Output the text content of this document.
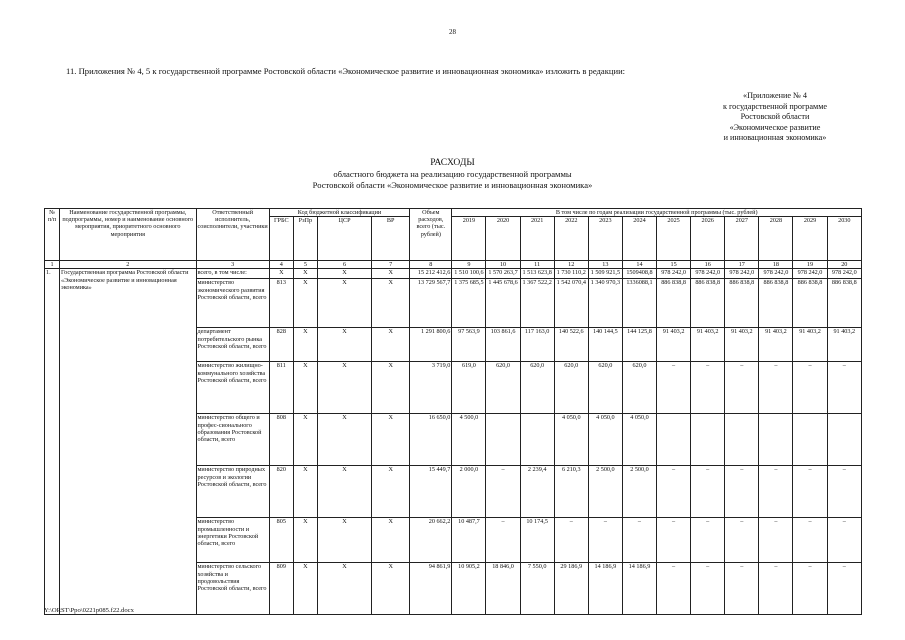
28
11. Приложения № 4, 5 к государственной программе Ростовской области «Экономическое развитие и инновационная экономика» изложить в редакции:
«Приложение № 4
к государственной программе
Ростовской области
«Экономическое развитие
и инновационная экономика»
РАСХОДЫ
областного бюджета на реализацию государственной программы
Ростовской области «Экономическое развитие и инновационная экономика»
№ п/п	Наименование государственной программы, подпрограммы, номер и наименование основного мероприятия, приоритетного основного мероприятия	Ответственный исполнитель, соисполнители, участники	Код бюджетной классификации				Объем расходов, всего (тыс. рублей)	В том числе по годам реализации государственной программы (тыс. рублей)											
			ГРБС	РзПр	ЦСР	ВР		2019	2020	2021	2022	2023	2024	2025	2026	2027	2028	2029	2030
1	2	3	4	5	6	7	8	9	10	11	12	13	14	15	16	17	18	19	20
1.	Государственная программа Ростовской области «Экономическое развитие и инновационная экономика»	всего, в том числе:	X	X	X	X	15 212 412,6	1 510 100,6	1 570 263,7	1 513 623,8	1 730 110,2	1 509 921,5	1509408,8	978 242,0	978 242,0	978 242,0	978 242,0	978 242,0	978 242,0
		министерство экономического развития Ростовской области, всего	813	X	X	X	13 729 567,7	1 375 685,5	1 445 678,6	1 367 522,2	1 542 070,4	1 340 970,3	1336088,1	886 838,8	886 838,8	886 838,8	886 838,8	886 838,8	886 838,8
		департамент потребительского рынка Ростовской области, всего	828	X	X	X	1 291 800,6	97 563,9	103 861,6	117 163,0	140 522,6	140 144,5	144 125,8	91 403,2	91 403,2	91 403,2	91 403,2	91 403,2	91 403,2
		министерство жилищно-коммунального хозяйства Ростовской области, всего	811	X	X	X	3 719,0	619,0	620,0	620,0	620,0	620,0	620,0	–	–	–	–	–	–
		министерство общего и профес-сионального образования Ростовской области, всего	808	X	X	X	16 650,0	4 500,0			4 050,0	4 050,0	4 050,0						
		министерство природных ресурсов и экологии Ростовской области, всего	820	X	X	X	15 449,7	2 000,0	–	2 239,4	6 210,3	2 500,0	2 500,0	–	–	–	–	–	–
		министерство промышленности и энергетики Ростовской области, всего	805	X	X	X	20 662,2	10 487,7	–	10 174,5	–	–	–	–	–	–	–	–	–
		министерство сельского хозяйства и продовольствия Ростовской области, всего	809	X	X	X	94 861,9	10 905,2	18 846,0	7 550,0	29 186,9	14 186,9	14 186,9	–	–	–	–	–	–
Y:\ORST\Ppo\0221p085.f22.docx
